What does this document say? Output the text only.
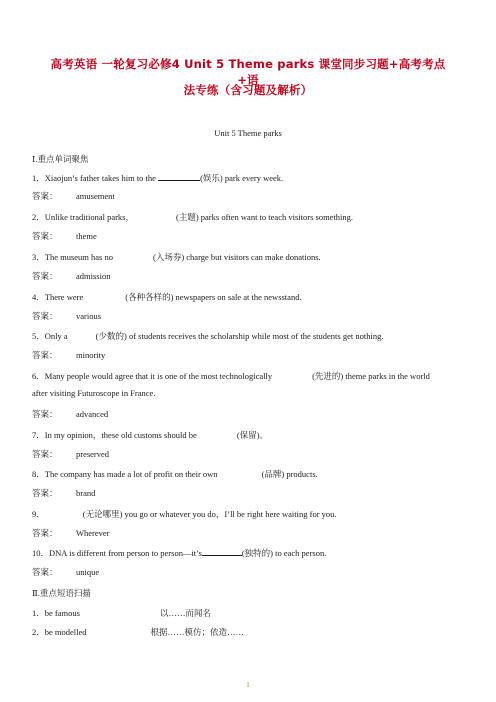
高考英语 一轮复习必修4 Unit 5 Theme parks 课堂同步习题+高考考点+语
法专练（含习题及解析）
Unit 5 Theme parks
Ⅰ.重点单词聚焦
1．Xiaojun’s father takes him to the	(娱乐) park every week.
答案： amusement
2．Unlike traditional parks，	(主题) parks often want to teach visitors something.
答案： theme
3．The museum has no	(入场券) charge but visitors can make donations.
答案： admission
4．There were	(各种各样的) newspapers on sale at the newsstand.
答案： various
5．Only a	(少数的) of students receives the scholarship while most of the students get nothing.
答案： minority
6．Many people would agree that it is one of the most technologically	(先进的) theme parks in the world
after visiting Futuroscope in France.
答案： advanced
7．In my opinion，these old customs should be	(保留)。
答案： preserved
8．The company has made a lot of profit on their own	(品牌) products.
答案： brand
9．	(无论哪里) you go or whatever you do，I’ll be right here waiting for you.
答案： Wherever
10．DNA is different from person to person—it’s	(独特的) to each person.
答案： unique
Ⅱ.重点短语扫描
1．be famous	以……而闻名
2．be modelled	根据……模仿；依造……
1
